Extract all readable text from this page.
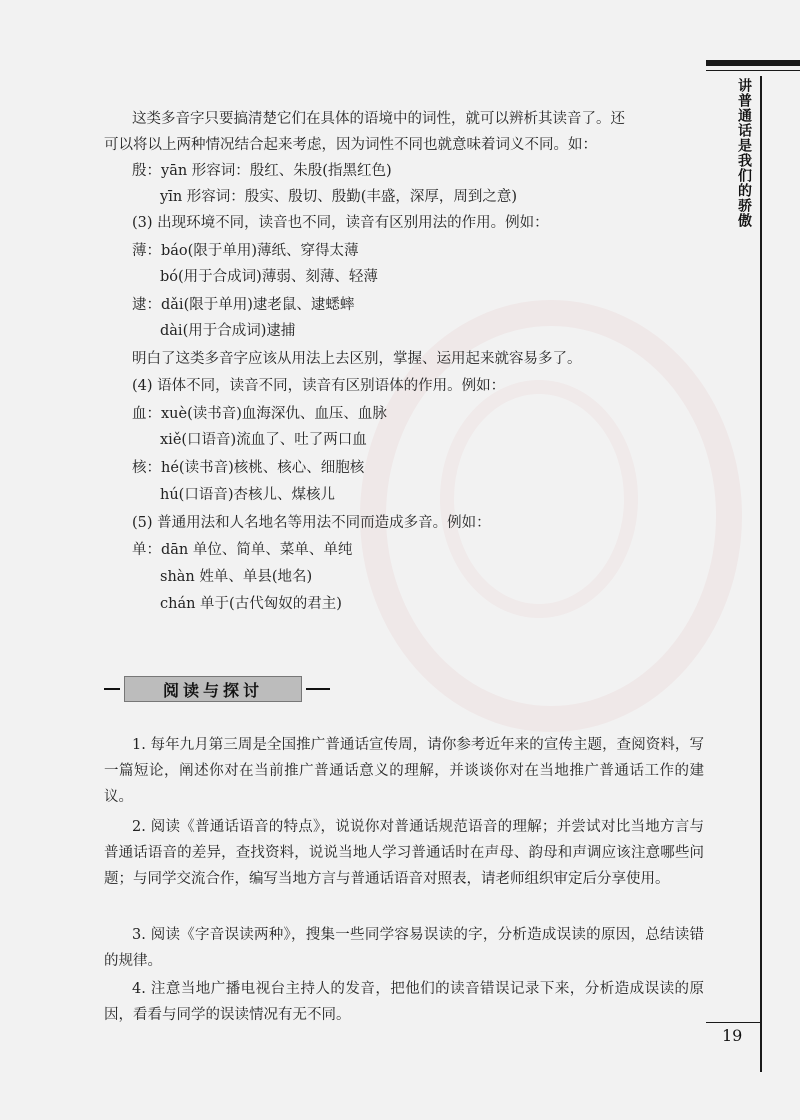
讲普通话是我们的骄傲
19
这类多音字只要搞清楚它们在具体的语境中的词性，就可以辨析其读音了。还
可以将以上两种情况结合起来考虑，因为词性不同也就意味着词义不同。如：
殷：yān 形容词：殷红、朱殷(指黑红色)
yīn 形容词：殷实、殷切、殷勤(丰盛，深厚，周到之意)
(3) 出现环境不同，读音也不同，读音有区别用法的作用。例如：
薄：báo(限于单用)薄纸、穿得太薄
bó(用于合成词)薄弱、刻薄、轻薄
逮：dǎi(限于单用)逮老鼠、逮蟋蟀
dài(用于合成词)逮捕
明白了这类多音字应该从用法上去区别，掌握、运用起来就容易多了。
(4) 语体不同，读音不同，读音有区别语体的作用。例如：
血：xuè(读书音)血海深仇、血压、血脉
xiě(口语音)流血了、吐了两口血
核：hé(读书音)核桃、核心、细胞核
hú(口语音)杏核儿、煤核儿
(5) 普通用法和人名地名等用法不同而造成多音。例如：
单：dān 单位、简单、菜单、单纯
shàn 姓单、单县(地名)
chán 单于(古代匈奴的君主)
阅读与探讨
1. 每年九月第三周是全国推广普通话宣传周，请你参考近年来的宣传主题，查阅资料，写一篇短论，阐述你对在当前推广普通话意义的理解，并谈谈你对在当地推广普通话工作的建议。
2. 阅读《普通话语音的特点》，说说你对普通话规范语音的理解；并尝试对比当地方言与普通话语音的差异，查找资料，说说当地人学习普通话时在声母、韵母和声调应该注意哪些问题；与同学交流合作，编写当地方言与普通话语音对照表，请老师组织审定后分享使用。
3. 阅读《字音误读两种》，搜集一些同学容易误读的字，分析造成误读的原因，总结读错的规律。
4. 注意当地广播电视台主持人的发音，把他们的读音错误记录下来，分析造成误读的原因，看看与同学的误读情况有无不同。
